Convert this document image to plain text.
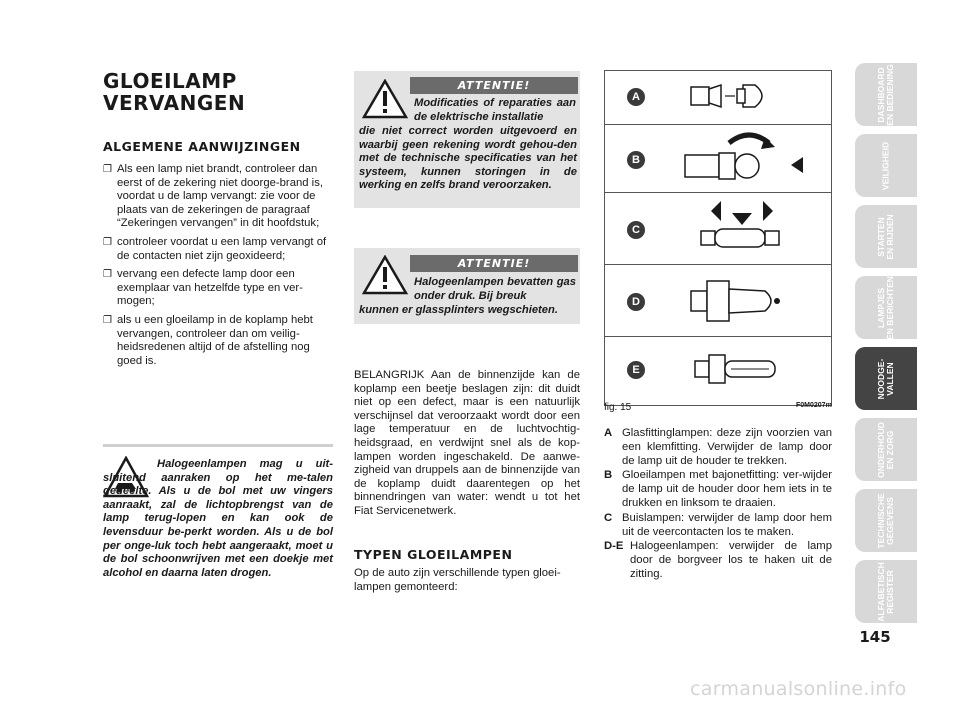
GLOEILAMP
VERVANGEN
ALGEMENE AANWIJZINGEN
❐ Als een lamp niet brandt, controleer dan eerst of de zekering niet doorge-brand is, voordat u de lamp vervangt: zie voor de plaats van de zekeringen de paragraaf “Zekeringen vervangen” in dit hoofdstuk;
❐ controleer voordat u een lamp vervangt of de contacten niet zijn geoxideerd;
❐ vervang een defecte lamp door een exemplaar van hetzelfde type en ver-mogen;
❐ als u een gloeilamp in de koplamp hebt vervangen, controleer dan om veilig-heidsredenen altijd of de afstelling nog goed is.
Halogeenlampen mag u uit-sluitend aanraken op het me-talen gedeelte. Als u de bol met uw vingers aanraakt, zal de lichtopbrengst van de lamp terug-lopen en kan ook de levensduur be-perkt worden. Als u de bol per onge-luk toch hebt aangeraakt, moet u de bol schoonwrijven met een doekje met alcohol en daarna laten drogen.
ATTENTIE!
Modificaties of reparaties aan de elektrische installatie
die niet correct worden uitgevoerd en waarbij geen rekening wordt gehou-den met de technische specificaties van het systeem, kunnen storingen in de werking en zelfs brand veroorzaken.
ATTENTIE!
Halogeenlampen bevatten gas onder druk. Bij breuk
kunnen er glassplinters wegschieten.
BELANGRIJK Aan de binnenzijde kan de koplamp een beetje beslagen zijn: dit duidt niet op een defect, maar is een natuurlijk verschijnsel dat veroorzaakt wordt door een lage temperatuur en de luchtvochtig-heidsgraad, en verdwijnt snel als de kop-lampen worden ingeschakeld. De aanwe-zigheid van druppels aan de binnenzijde van de koplamp duidt daarentegen op het binnendringen van water: wendt u tot het Fiat Servicenetwerk.
TYPEN GLOEILAMPEN
Op de auto zijn verschillende typen gloei-lampen gemonteerd:
A
B
C
D
E
fig. 15	F0M0207m
A Glasfittinglampen: deze zijn voorzien van een klemfitting. Verwijder de lamp door de lamp uit de houder te trekken.
B Gloeilampen met bajonetfitting: ver-wijder de lamp uit de houder door hem iets in te drukken en linksom te draaien.
C Buislampen: verwijder de lamp door hem uit de veercontacten los te maken.
D-E Halogeenlampen: verwijder de lamp door de borgveer los te haken uit de zitting.
DASHBOARD
EN BEDIENING
VEILIGHEID
STARTEN
EN RIJDEN
LAMPJES
EN BERICHTEN
NOODGE-
VALLEN
ONDERHOUD
EN ZORG
TECHNISCHE
GEGEVENS
ALFABETISCH
REGISTER
145
carmanualsonline.info
